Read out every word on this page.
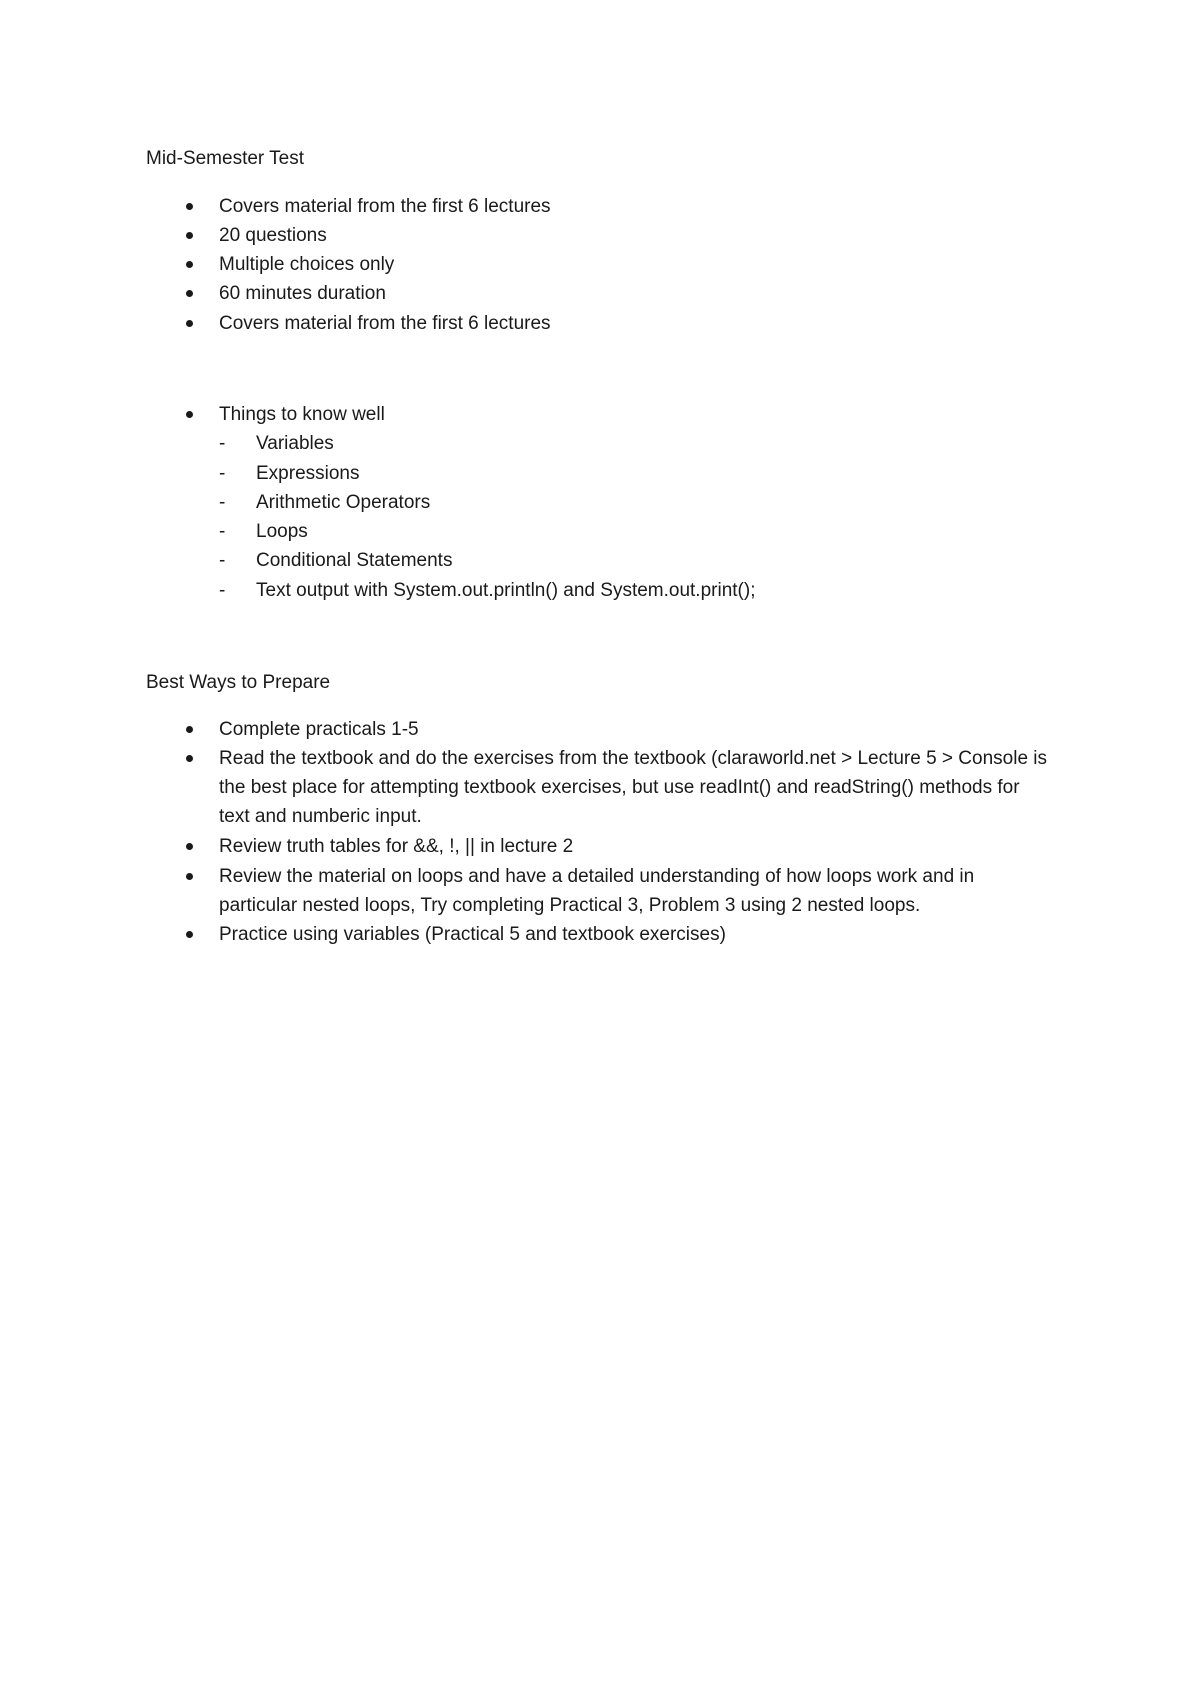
Mid-Semester Test
Covers material from the first 6 lectures
20 questions
Multiple choices only
60 minutes duration
Covers material from the first 6 lectures
Things to know well
- Variables
- Expressions
- Arithmetic Operators
- Loops
- Conditional Statements
- Text output with System.out.println() and System.out.print();
Best Ways to Prepare
Complete practicals 1-5
Read the textbook and do the exercises from the textbook (claraworld.net > Lecture 5 > Console is the best place for attempting textbook exercises, but use readInt() and readString() methods for text and numberic input.
Review truth tables for &&, !, || in lecture 2
Review the material on loops and have a detailed understanding of how loops work and in particular nested loops, Try completing Practical 3, Problem 3 using 2 nested loops.
Practice using variables (Practical 5 and textbook exercises)
